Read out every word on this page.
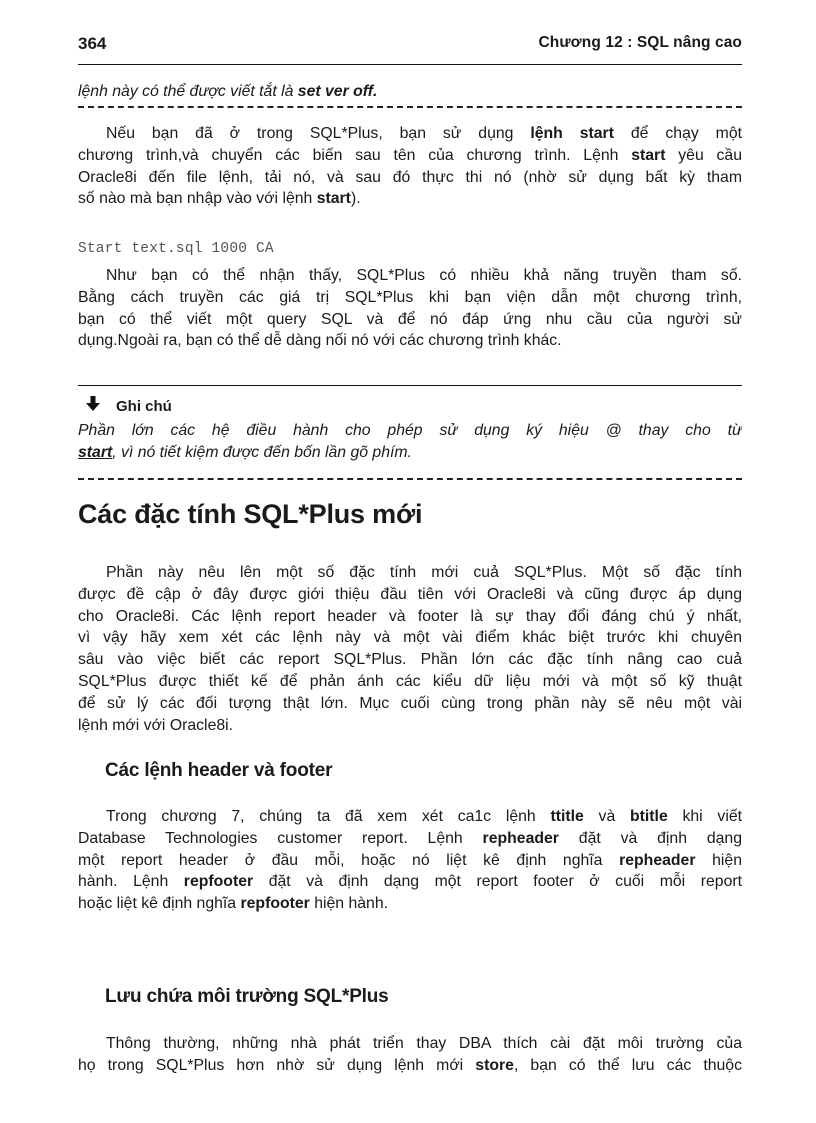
364	Chương 12 : SQL nâng cao

lệnh này có thể được viết tắt là set ver off.

Nếu bạn đã ở trong SQL*Plus, bạn sử dụng lệnh start để chạy một
chương trình,và chuyển các biến sau tên của chương trình. Lệnh start yêu cầu
Oracle8i đến file lệnh, tải nó, và sau đó thực thi nó (nhờ sử dụng bất kỳ tham
số nào mà bạn nhập vào với lệnh start).

Start text.sql 1000 CA

Như bạn có thể nhận thấy, SQL*Plus có nhiều khả năng truyền tham số.
Bằng cách truyền các giá trị SQL*Plus khi bạn viện dẫn một chương trình,
bạn có thể viết một query SQL và để nó đáp ứng nhu cầu của người sử
dụng.Ngoài ra, bạn có thể dễ dàng nối nó với các chương trình khác.

Ghi chú

Phần lớn các hệ điều hành cho phép sử dụng ký hiệu @ thay cho từ
start, vì nó tiết kiệm được đến bốn lần gõ phím.

Các đặc tính SQL*Plus mới

Phần này nêu lên một số đặc tính mới cuả SQL*Plus. Một số đặc tính
được đề cập ở đây được giới thiệu đầu tiên với Oracle8i và cũng được áp dụng
cho Oracle8i. Các lệnh report header và footer là sự thay đổi đáng chú ý nhất,
vì vậy hãy xem xét các lệnh này và một vài điểm khác biệt trước khi chuyên
sâu vào việc biết các report SQL*Plus. Phần lớn các đặc tính nâng cao cuả
SQL*Plus được thiết kế để phản ánh các kiểu dữ liệu mới và một số kỹ thuật
để sử lý các đối tượng thật lớn. Mục cuối cùng trong phần này sẽ nêu một vài
lệnh mới với Oracle8i.

Các lệnh header và footer

Trong chương 7, chúng ta đã xem xét ca1c lệnh ttitle và btitle khi viết
Database Technologies customer report. Lệnh repheader đặt và định dạng
một report header ở đầu mỗi, hoặc nó liệt kê định nghĩa repheader hiện
hành. Lệnh repfooter đặt và định dạng một report footer ở cuối mỗi report
hoặc liệt kê định nghĩa repfooter hiện hành.

Lưu chứa môi trường SQL*Plus

Thông thường, những nhà phát triển thay DBA thích cài đặt môi trường của
họ trong SQL*Plus hơn nhờ sử dụng lệnh mới store, bạn có thể lưu các thuộc
